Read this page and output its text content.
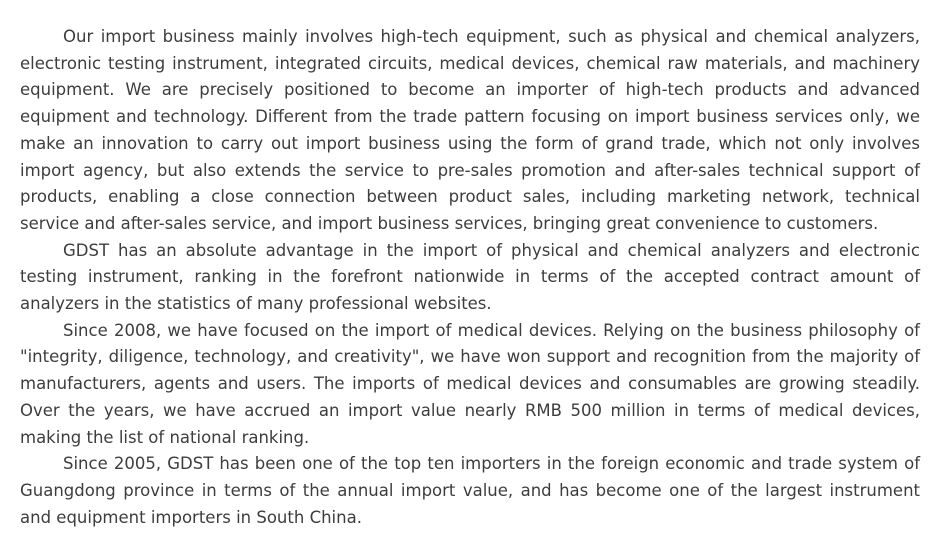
Our import business mainly involves high-tech equipment, such as physical and chemical analyzers, electronic testing instrument, integrated circuits, medical devices, chemical raw materials, and machinery equipment. We are precisely positioned to become an importer of high-tech products and advanced equipment and technology. Different from the trade pattern focusing on import business services only, we make an innovation to carry out import business using the form of grand trade, which not only involves import agency, but also extends the service to pre-sales promotion and after-sales technical support of products, enabling a close connection between product sales, including marketing network, technical service and after-sales service, and import business services, bringing great convenience to customers.

GDST has an absolute advantage in the import of physical and chemical analyzers and electronic testing instrument, ranking in the forefront nationwide in terms of the accepted contract amount of analyzers in the statistics of many professional websites.

Since 2008, we have focused on the import of medical devices. Relying on the business philosophy of "integrity, diligence, technology, and creativity", we have won support and recognition from the majority of manufacturers, agents and users. The imports of medical devices and consumables are growing steadily. Over the years, we have accrued an import value nearly RMB 500 million in terms of medical devices, making the list of national ranking.

Since 2005, GDST has been one of the top ten importers in the foreign economic and trade system of Guangdong province in terms of the annual import value, and has become one of the largest instrument and equipment importers in South China.
